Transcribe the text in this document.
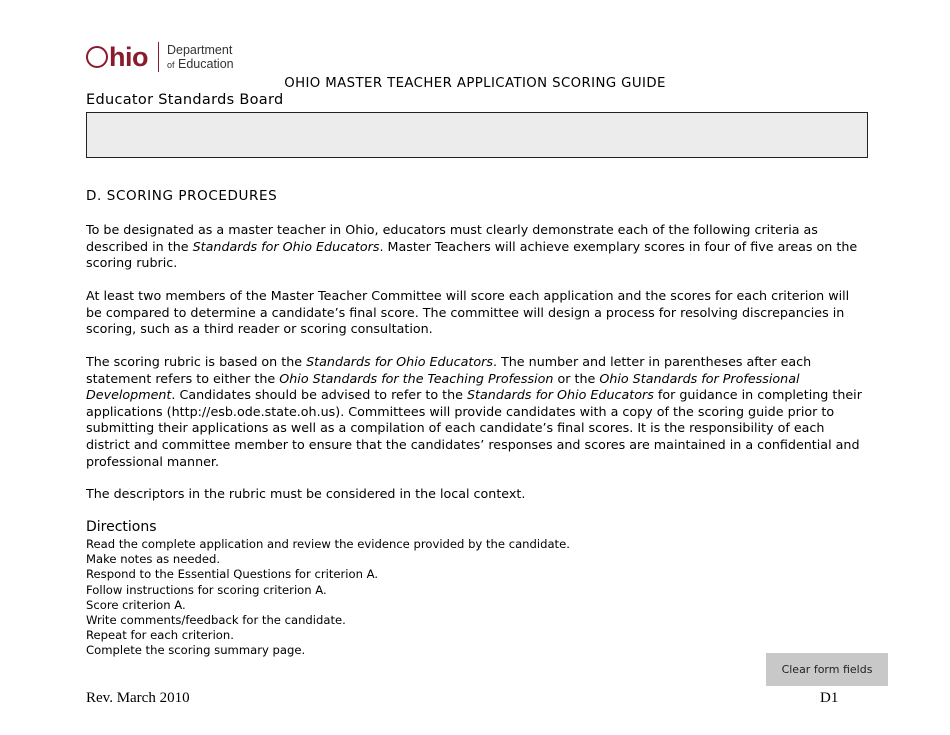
hio Department
of Education
OHIO MASTER TEACHER APPLICATION SCORING GUIDE
Educator Standards Board
D. SCORING PROCEDURES
To be designated as a master teacher in Ohio, educators must clearly demonstrate each of the following criteria as described in the Standards for Ohio Educators. Master Teachers will achieve exemplary scores in four of five areas on the scoring rubric.
At least two members of the Master Teacher Committee will score each application and the scores for each criterion will be compared to determine a candidate’s final score. The committee will design a process for resolving discrepancies in scoring, such as a third reader or scoring consultation.
The scoring rubric is based on the Standards for Ohio Educators. The number and letter in parentheses after each statement refers to either the Ohio Standards for the Teaching Profession or the Ohio Standards for Professional Development. Candidates should be advised to refer to the Standards for Ohio Educators for guidance in completing their applications (http://esb.ode.state.oh.us). Committees will provide candidates with a copy of the scoring guide prior to submitting their applications as well as a compilation of each candidate’s final scores. It is the responsibility of each district and committee member to ensure that the candidates’ responses and scores are maintained in a confidential and professional manner.
The descriptors in the rubric must be considered in the local context.
Directions
Read the complete application and review the evidence provided by the candidate.
Make notes as needed.
Respond to the Essential Questions for criterion A.
Follow instructions for scoring criterion A.
Score criterion A.
Write comments/feedback for the candidate.
Repeat for each criterion.
Complete the scoring summary page.
Clear form fields
Rev. March 2010	D1
